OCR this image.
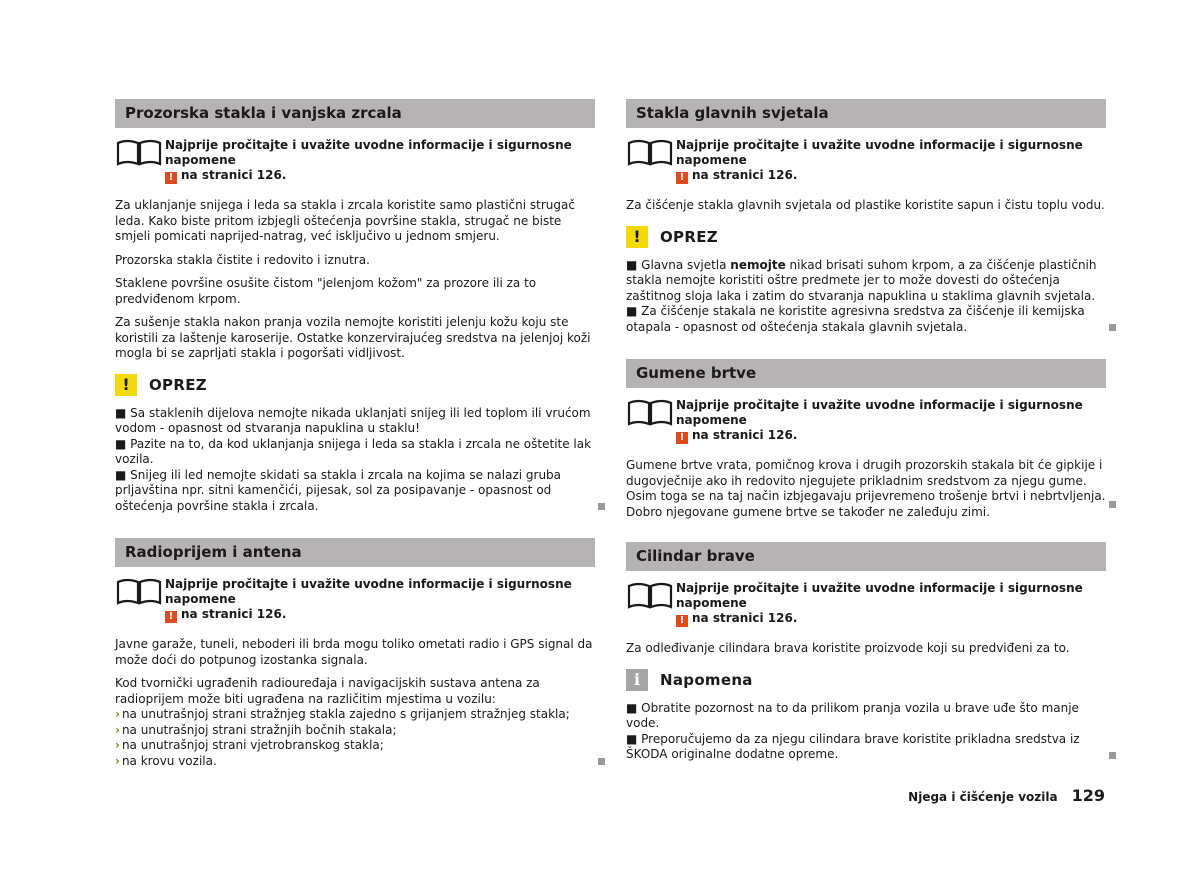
Prozorska stakla i vanjska zrcala
Najprije pročitajte i uvažite uvodne informacije i sigurnosne napomene
! na stranici 126.

Za uklanjanje snijega i leda sa stakla i zrcala koristite samo plastični strugač leda. Kako biste pritom izbjegli oštećenja površine stakla, strugač ne biste smjeli pomicati naprijed-natrag, već isključivo u jednom smjeru.

Prozorska stakla čistite i redovito i iznutra.

Staklene površine osušite čistom "jelenjom kožom" za prozore ili za to predviđenom krpom.

Za sušenje stakla nakon pranja vozila nemojte koristiti jelenju kožu koju ste koristili za laštenje karoserije. Ostatke konzervirajućeg sredstva na jelenjoj koži mogla bi se zaprljati stakla i pogoršati vidljivost.

!	OPREZ
■ Sa staklenih dijelova nemojte nikada uklanjati snijeg ili led toplom ili vrućom vodom - opasnost od stvaranja napuklina u staklu!
■ Pazite na to, da kod uklanjanja snijega i leda sa stakla i zrcala ne oštetite lak vozila.
■ Snijeg ili led nemojte skidati sa stakla i zrcala na kojima se nalazi gruba prljavština npr. sitni kamenčići, pijesak, sol za posipavanje - opasnost od oštećenja površine stakla i zrcala.
Radioprijem i antena
Najprije pročitajte i uvažite uvodne informacije i sigurnosne napomene
! na stranici 126.

Javne garaže, tuneli, neboderi ili brda mogu toliko ometati radio i GPS signal da može doći do potpunog izostanka signala.

Kod tvornički ugrađenih radiouređaja i navigacijskih sustava antena za radioprijem može biti ugrađena na različitim mjestima u vozilu:

› na unutrašnjoj strani stražnjeg stakla zajedno s grijanjem stražnjeg stakla;
› na unutrašnjoj strani stražnjih bočnih stakala;
› na unutrašnjoj strani vjetrobranskog stakla;
› na krovu vozila.
Stakla glavnih svjetala
Najprije pročitajte i uvažite uvodne informacije i sigurnosne napomene
! na stranici 126.

Za čišćenje stakla glavnih svjetala od plastike koristite sapun i čistu toplu vodu.

!	OPREZ
■ Glavna svjetla nemojte nikad brisati suhom krpom, a za čišćenje plastičnih stakla nemojte koristiti oštre predmete jer to može dovesti do oštećenja zaštitnog sloja laka i zatim do stvaranja napuklina u staklima glavnih svjetala.
■ Za čišćenje stakala ne koristite agresivna sredstva za čišćenje ili kemijska otapala - opasnost od oštećenja stakala glavnih svjetala.
Gumene brtve
Najprije pročitajte i uvažite uvodne informacije i sigurnosne napomene
! na stranici 126.

Gumene brtve vrata, pomičnog krova i drugih prozorskih stakala bit će gipkije i dugovječnije ako ih redovito njegujete prikladnim sredstvom za njegu gume. Osim toga se na taj način izbjegavaju prijevremeno trošenje brtvi i nebrtvljenja. Dobro njegovane gumene brtve se također ne zaleđuju zimi.

Cilindar brave
Najprije pročitajte i uvažite uvodne informacije i sigurnosne napomene
! na stranici 126.

Za odleđivanje cilindara brava koristite proizvode koji su predviđeni za to.

i	Napomena
■ Obratite pozornost na to da prilikom pranja vozila u brave uđe što manje vode.
■ Preporučujemo da za njegu cilindara brave koristite prikladna sredstva iz ŠKODA originalne dodatne opreme.
Njega i čišćenje vozila 129
